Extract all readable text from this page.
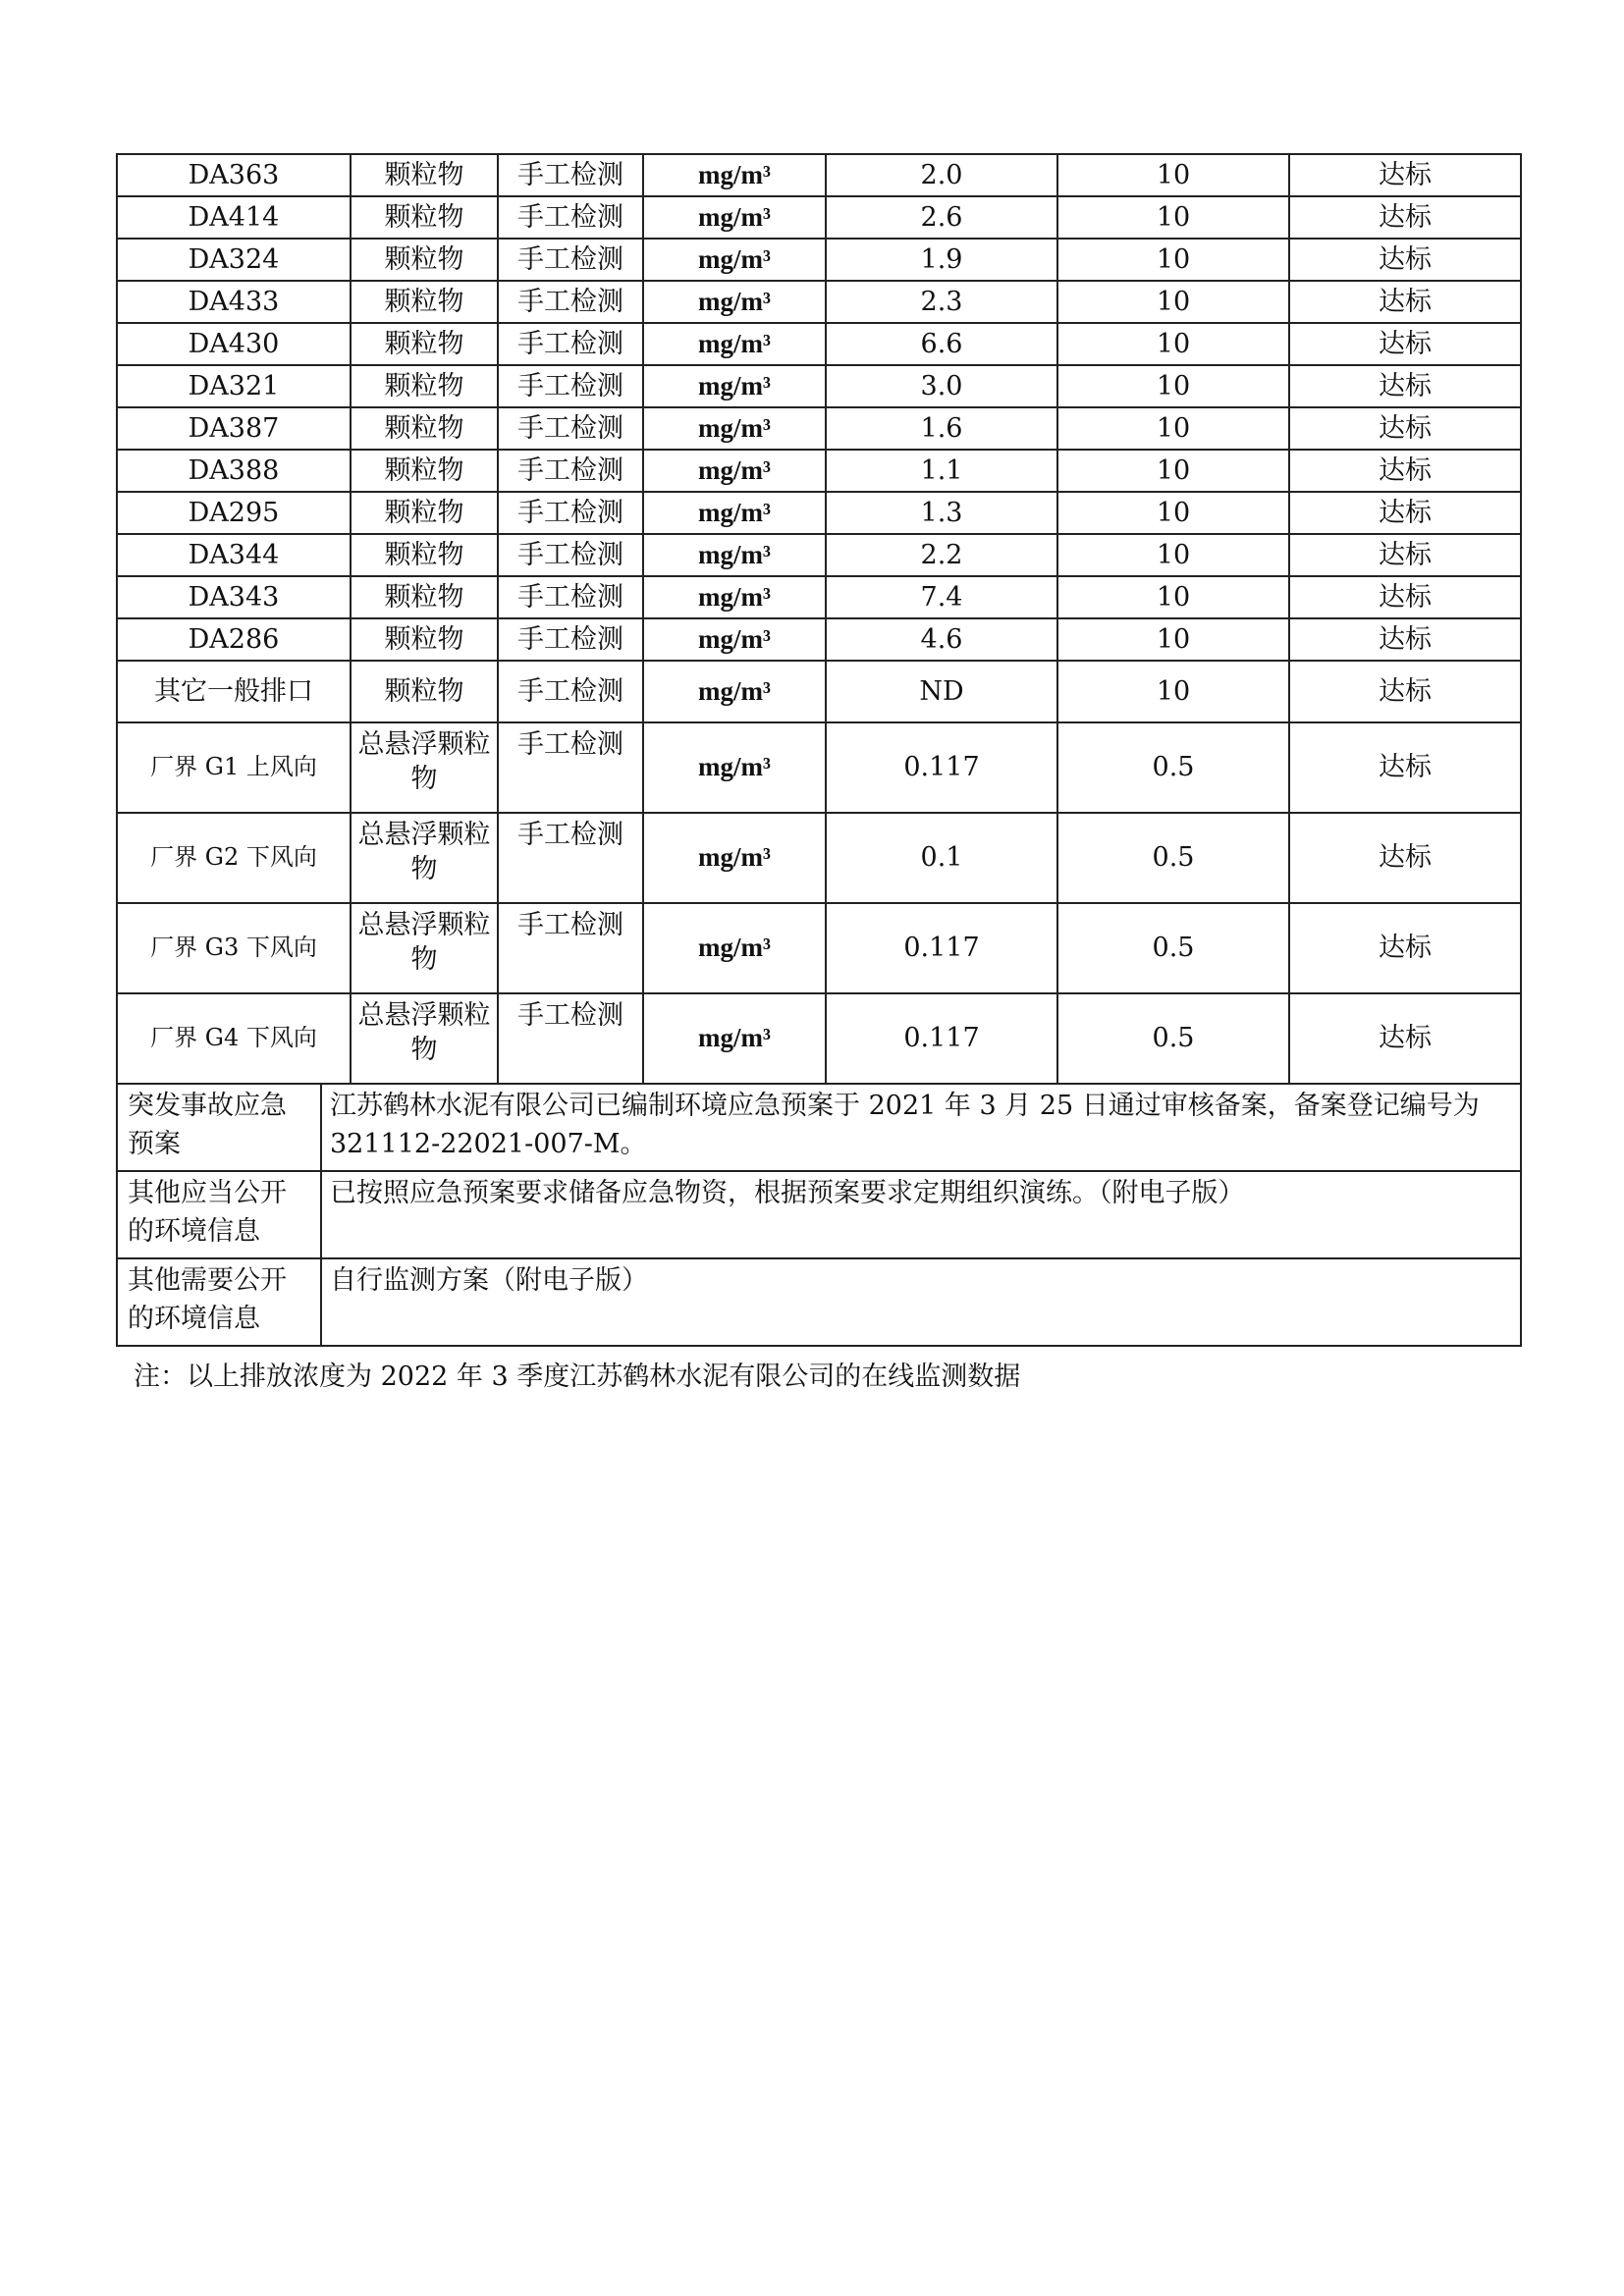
DA363	颗粒物	手工检测	mg/m³	2.0	10	达标
DA414	颗粒物	手工检测	mg/m³	2.6	10	达标
DA324	颗粒物	手工检测	mg/m³	1.9	10	达标
DA433	颗粒物	手工检测	mg/m³	2.3	10	达标
DA430	颗粒物	手工检测	mg/m³	6.6	10	达标
DA321	颗粒物	手工检测	mg/m³	3.0	10	达标
DA387	颗粒物	手工检测	mg/m³	1.6	10	达标
DA388	颗粒物	手工检测	mg/m³	1.1	10	达标
DA295	颗粒物	手工检测	mg/m³	1.3	10	达标
DA344	颗粒物	手工检测	mg/m³	2.2	10	达标
DA343	颗粒物	手工检测	mg/m³	7.4	10	达标
DA286	颗粒物	手工检测	mg/m³	4.6	10	达标
其它一般排口	颗粒物	手工检测	mg/m³	ND	10	达标
厂界 G1 上风向	总悬浮颗粒物	手工检测	mg/m³	0.117	0.5	达标
厂界 G2 下风向	总悬浮颗粒物	手工检测	mg/m³	0.1	0.5	达标
厂界 G3 下风向	总悬浮颗粒物	手工检测	mg/m³	0.117	0.5	达标
厂界 G4 下风向	总悬浮颗粒物	手工检测	mg/m³	0.117	0.5	达标
突发事故应急预案	江苏鹤林水泥有限公司已编制环境应急预案于 2021 年 3 月 25 日通过审核备案，备案登记编号为 321112-22021-007-M。
其他应当公开的环境信息	已按照应急预案要求储备应急物资，根据预案要求定期组织演练。（附电子版）
其他需要公开的环境信息	自行监测方案（附电子版）
注：以上排放浓度为 2022 年 3 季度江苏鹤林水泥有限公司的在线监测数据
